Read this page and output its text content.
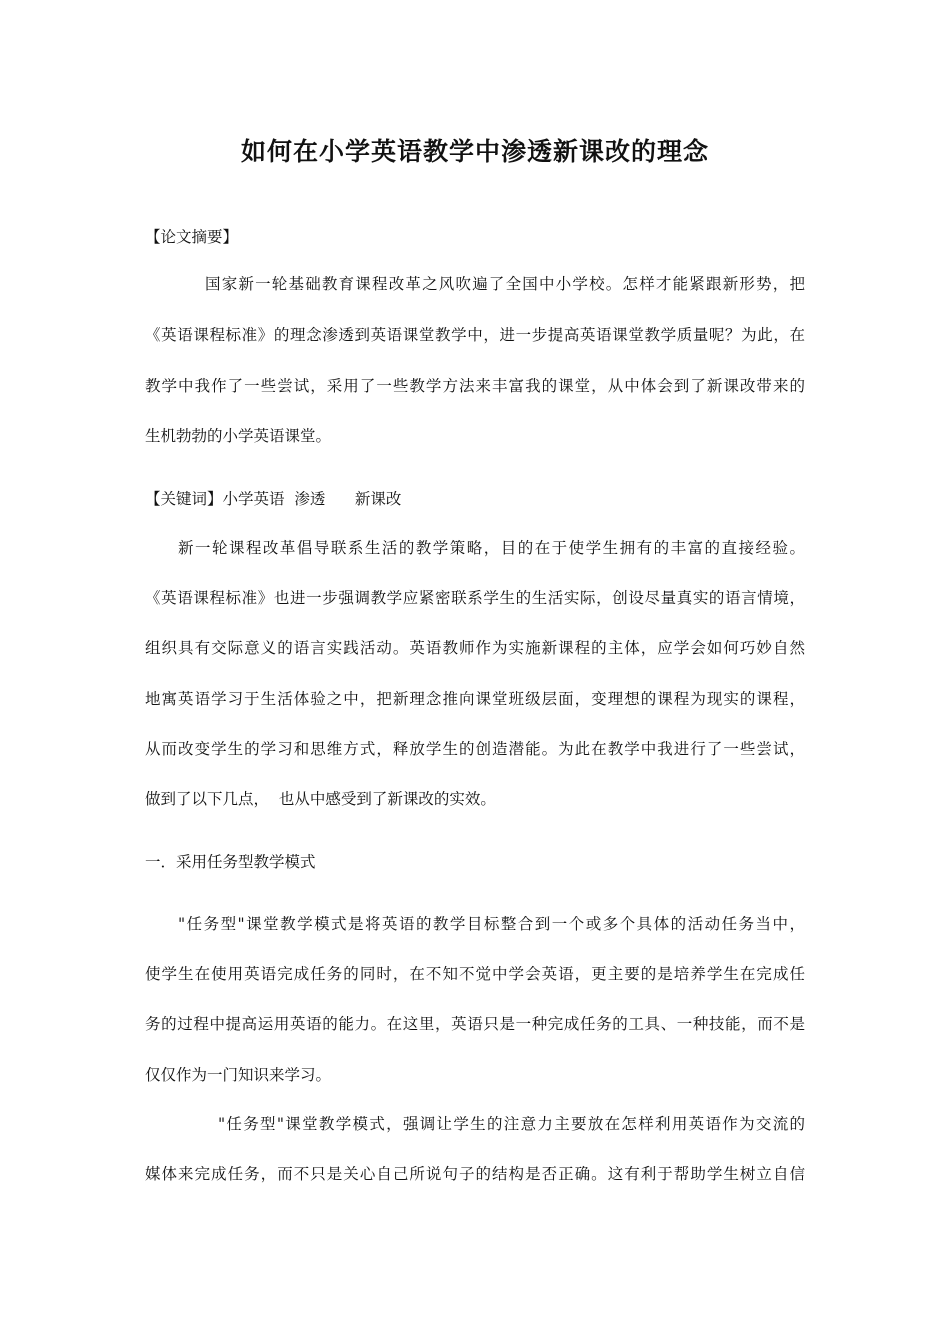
如何在小学英语教学中渗透新课改的理念
【论文摘要】
国家新一轮基础教育课程改革之风吹遍了全国中小学校。怎样才能紧跟新形势，把
《英语课程标准》的理念渗透到英语课堂教学中，进一步提高英语课堂教学质量呢？为此，在
教学中我作了一些尝试，采用了一些教学方法来丰富我的课堂，从中体会到了新课改带来的
生机勃勃的小学英语课堂。
【关键词】小学英语  渗透      新课改
新一轮课程改革倡导联系生活的教学策略，目的在于使学生拥有的丰富的直接经验。
《英语课程标准》也进一步强调教学应紧密联系学生的生活实际，创设尽量真实的语言情境，
组织具有交际意义的语言实践活动。英语教师作为实施新课程的主体，应学会如何巧妙自然
地寓英语学习于生活体验之中，把新理念推向课堂班级层面，变理想的课程为现实的课程，
从而改变学生的学习和思维方式，释放学生的创造潜能。为此在教学中我进行了一些尝试，
做到了以下几点，  也从中感受到了新课改的实效。
一．采用任务型教学模式
"任务型"课堂教学模式是将英语的教学目标整合到一个或多个具体的活动任务当中，
使学生在使用英语完成任务的同时，在不知不觉中学会英语，更主要的是培养学生在完成任
务的过程中提高运用英语的能力。在这里，英语只是一种完成任务的工具、一种技能，而不是
仅仅作为一门知识来学习。
"任务型"课堂教学模式，强调让学生的注意力主要放在怎样利用英语作为交流的
媒体来完成任务，而不只是关心自己所说句子的结构是否正确。这有利于帮助学生树立自信
